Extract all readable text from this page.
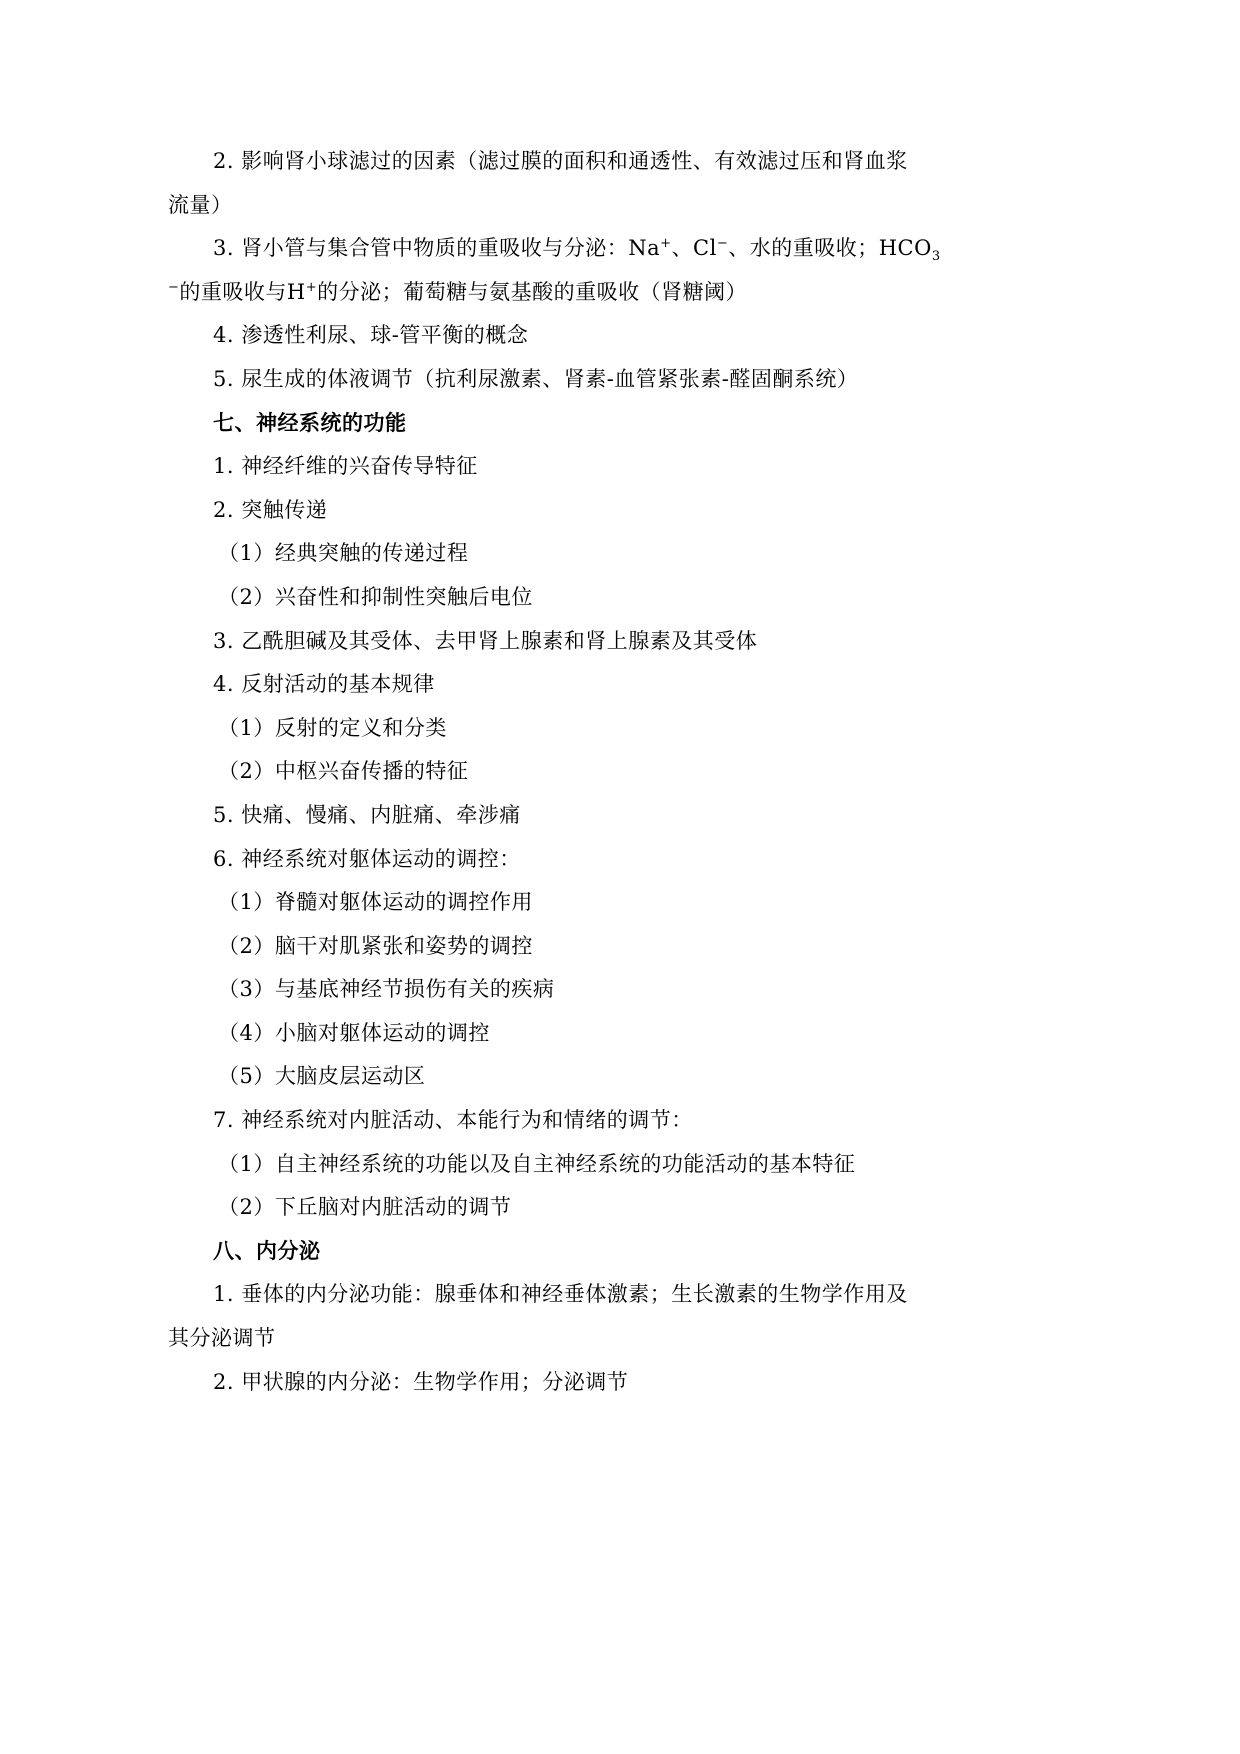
2. 影响肾小球滤过的因素（滤过膜的面积和通透性、有效滤过压和肾血浆
流量）
3. 肾小管与集合管中物质的重吸收与分泌：Na+、Cl−、水的重吸收；$HCO_3$
−的重吸收与H+的分泌；葡萄糖与氨基酸的重吸收（肾糖阈）
4. 渗透性利尿、球-管平衡的概念
5. 尿生成的体液调节（抗利尿激素、肾素-血管紧张素-醛固酮系统）
七、神经系统的功能
1. 神经纤维的兴奋传导特征
2. 突触传递
（1）经典突触的传递过程
（2）兴奋性和抑制性突触后电位
3. 乙酰胆碱及其受体、去甲肾上腺素和肾上腺素及其受体
4. 反射活动的基本规律
（1）反射的定义和分类
（2）中枢兴奋传播的特征
5. 快痛、慢痛、内脏痛、牵涉痛
6. 神经系统对躯体运动的调控：
（1）脊髓对躯体运动的调控作用
（2）脑干对肌紧张和姿势的调控
（3）与基底神经节损伤有关的疾病
（4）小脑对躯体运动的调控
（5）大脑皮层运动区
7. 神经系统对内脏活动、本能行为和情绪的调节：
（1）自主神经系统的功能以及自主神经系统的功能活动的基本特征
（2）下丘脑对内脏活动的调节
八、内分泌
1. 垂体的内分泌功能：腺垂体和神经垂体激素；生长激素的生物学作用及
其分泌调节
2. 甲状腺的内分泌：生物学作用；分泌调节
